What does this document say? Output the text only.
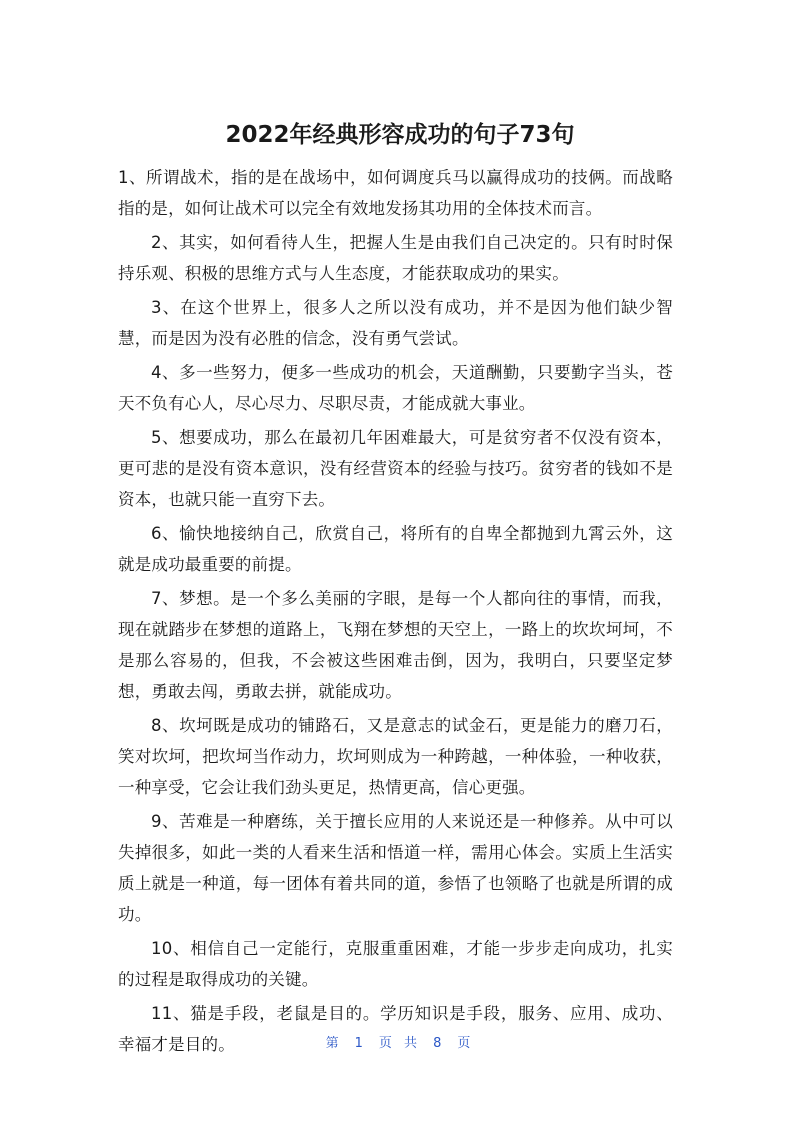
2022年经典形容成功的句子73句

1、所谓战术，指的是在战场中，如何调度兵马以赢得成功的技俩。而战略指的是，如何让战术可以完全有效地发扬其功用的全体技术而言。

2、其实，如何看待人生，把握人生是由我们自己决定的。只有时时保持乐观、积极的思维方式与人生态度，才能获取成功的果实。

3、在这个世界上，很多人之所以没有成功，并不是因为他们缺少智慧，而是因为没有必胜的信念，没有勇气尝试。

4、多一些努力，便多一些成功的机会，天道酬勤，只要勤字当头，苍天不负有心人，尽心尽力、尽职尽责，才能成就大事业。

5、想要成功，那么在最初几年困难最大，可是贫穷者不仅没有资本，更可悲的是没有资本意识，没有经营资本的经验与技巧。贫穷者的钱如不是资本，也就只能一直穷下去。

6、愉快地接纳自己，欣赏自己，将所有的自卑全都抛到九霄云外，这就是成功最重要的前提。

7、梦想。是一个多么美丽的字眼，是每一个人都向往的事情，而我，现在就踏步在梦想的道路上，飞翔在梦想的天空上，一路上的坎坎坷坷，不是那么容易的，但我，不会被这些困难击倒，因为，我明白，只要坚定梦想，勇敢去闯，勇敢去拼，就能成功。

8、坎坷既是成功的铺路石，又是意志的试金石，更是能力的磨刀石，笑对坎坷，把坎坷当作动力，坎坷则成为一种跨越，一种体验，一种收获，一种享受，它会让我们劲头更足，热情更高，信心更强。

9、苦难是一种磨练，关于擅长应用的人来说还是一种修养。从中可以失掉很多，如此一类的人看来生活和悟道一样，需用心体会。实质上生活实质上就是一种道，每一团体有着共同的道，参悟了也领略了也就是所谓的成功。

10、相信自己一定能行，克服重重困难，才能一步步走向成功，扎实的过程是取得成功的关键。

11、猫是手段，老鼠是目的。学历知识是手段，服务、应用、成功、幸福才是目的。	第 1 页 共 8 页
